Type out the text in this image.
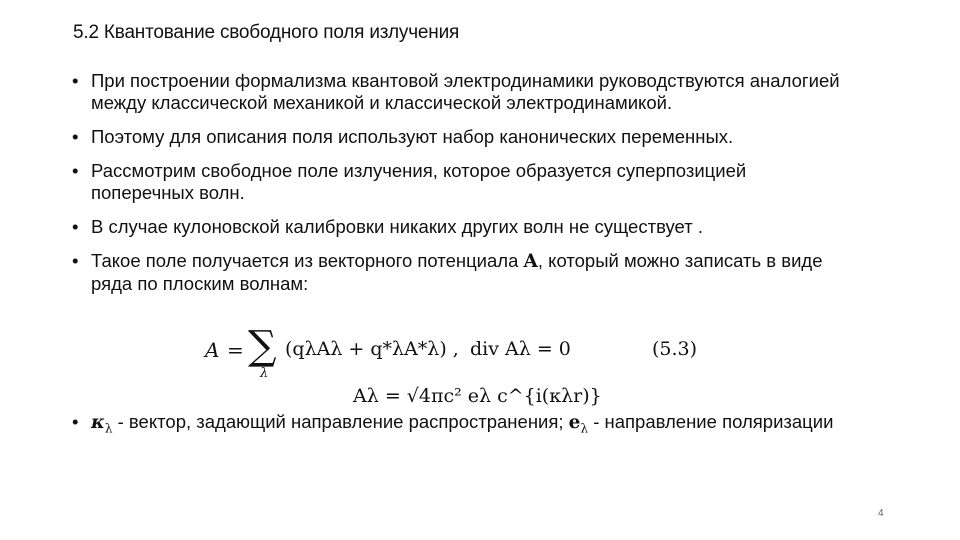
5.2 Квантование свободного поля излучения
• При построении формализма квантовой электродинамики руководствуются аналогией между классической механикой и классической электродинамикой.
• Поэтому для описания поля используют набор канонических переменных.
• Рассмотрим свободное поле излучения, которое образуется суперпозицией поперечных волн.
• В случае кулоновской калибровки никаких других волн не существует .
• Такое поле получается из векторного потенциала A, который можно записать в виде ряда по плоским волнам:
• $\kappa_\lambda$ - вектор, задающий направление распространения; $e_\lambda$ - направление поляризации
A = ∑
λ
(qλAλ + q*λA*λ) , div Aλ = 0	(5.3)
Aλ = √4πc² eλ c^{i(κλr)}
4
